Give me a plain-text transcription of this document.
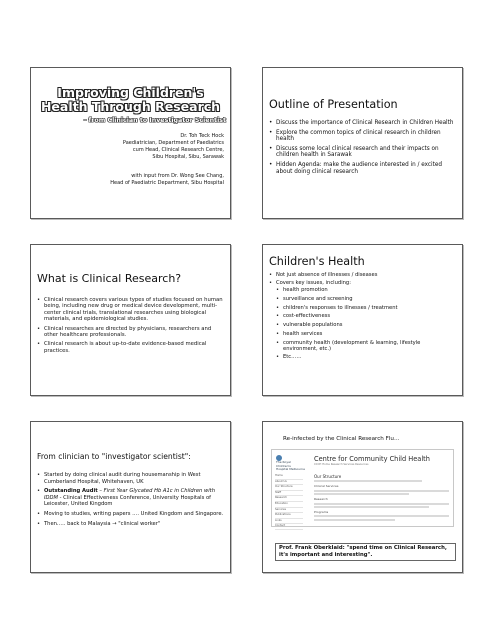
Improving Children's
Health Through Research
- from Clinician to Investigator Scientist
Dr. Toh Teck Hock
Paediatrician, Department of Paediatrics
cum Head, Clinical Research Centre,
Sibu Hospital, Sibu, Sarawak
with input from Dr. Wong See Chang,
Head of Paediatric Department, Sibu Hospital
Outline of Presentation
• Discuss the importance of Clinical Research in Children Health
• Explore the common topics of clinical research in children health
• Discuss some local clinical research and their impacts on children health in Sarawak
• Hidden Agenda: make the audience interested in / excited about doing clinical research
What is Clinical Research?
• Clinical research covers various types of studies focused on human being, including new drug or medical device development, multi-center clinical trials, translational researches using biological materials, and epidemiological studies.
• Clinical researches are directed by physicians, researchers and other healthcare professionals.
• Clinical research is about up-to-date evidence-based medical practices.
Children's Health
• Not just absence of illnesses / diseases
• Covers key issues, including:
• health promotion
• surveillance and screening
• children's responses to illnesses / treatment
• cost-effectiveness
• vulnerable populations
• health services
• community health (development & learning, lifestyle environment, etc.)
• Etc……
From clinician to "investigator scientist":
• Started by doing clinical audit during housemanship in West Cumberland Hospital, Whitehaven, UK
• Outstanding Audit – First Year Glycated Hb A1c in Children with IDDM - Clinical Effectiveness Conference, University Hospitals of Leicester, United Kingdom
• Moving to studies, writing papers …. United Kingdom and Singapore.
• Then….. back to Malaysia → "clinical worker"
Re-infected by the Clinical Research Flu…
The Royal Children's
Hospital Melbourne
Centre for Community Child Health
CCCH Home Research Services Resources
Home
About Us
Our Structure
Staff
Research
Education
Services
Publications
Links
Contact
Our Structure
Clinical Services
Research
Programs
Prof. Frank Oberklaid: "spend time on Clinical Research, it's important and interesting".
